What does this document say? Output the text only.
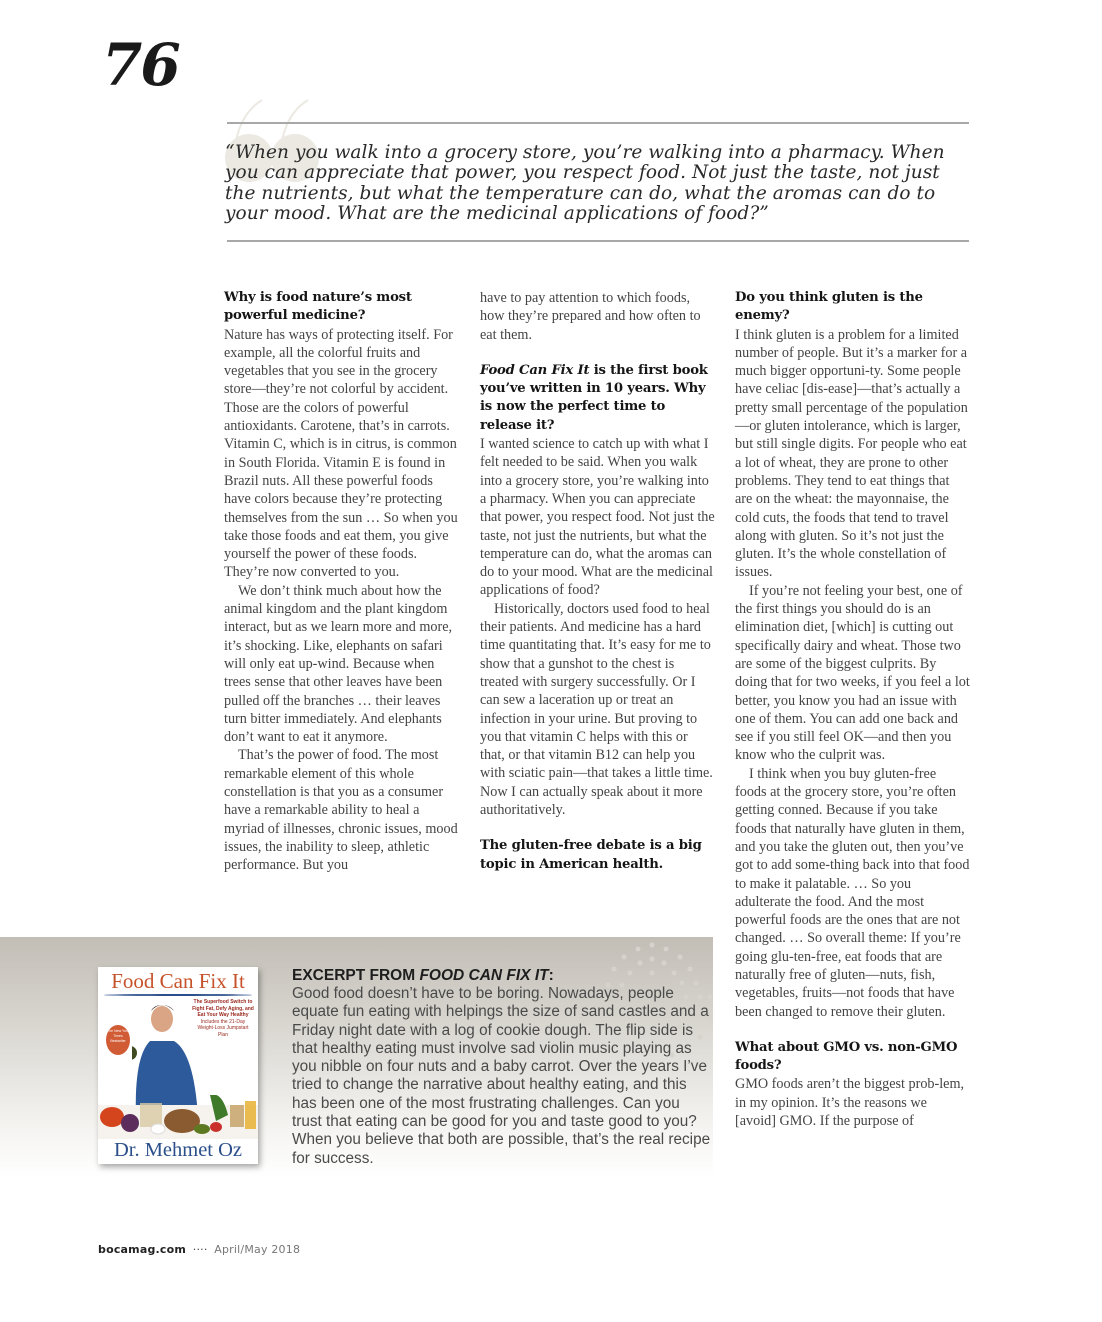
76

“When you walk into a grocery store, you’re walking into a pharmacy. When you can appreciate that power, you respect food. Not just the taste, not just the nutrients, but what the temperature can do, what the aromas can do to your mood. What are the medicinal applications of food?”

Why is food nature’s most powerful medicine?

Nature has ways of protecting itself. For example, all the colorful fruits and vegetables that you see in the grocery store—they’re not colorful by accident. Those are the colors of powerful antioxidants. Carotene, that’s in carrots. Vitamin C, which is in citrus, is common in South Florida. Vitamin E is found in Brazil nuts. All these powerful foods have colors because they’re protecting themselves from the sun … So when you take those foods and eat them, you give yourself the power of these foods. They’re now converted to you.

We don’t think much about how the animal kingdom and the plant kingdom interact, but as we learn more and more, it’s shocking. Like, elephants on safari will only eat up-wind. Because when trees sense that other leaves have been pulled off the branches … their leaves turn bitter immediately. And elephants don’t want to eat it anymore.

That’s the power of food. The most remarkable element of this whole constellation is that you as a consumer have a remarkable ability to heal a myriad of illnesses, chronic issues, mood issues, the inability to sleep, athletic performance. But you

have to pay attention to which foods, how they’re prepared and how often to eat them.

Food Can Fix It is the first book you’ve written in 10 years. Why is now the perfect time to release it?

I wanted science to catch up with what I felt needed to be said. When you walk into a grocery store, you’re walking into a pharmacy. When you can appreciate that power, you respect food. Not just the taste, not just the nutrients, but what the temperature can do, what the aromas can do to your mood. What are the medicinal applications of food?

Historically, doctors used food to heal their patients. And medicine has a hard time quantitating that. It’s easy for me to show that a gunshot to the chest is treated with surgery successfully. Or I can sew a laceration up or treat an infection in your urine. But proving to you that vitamin C helps with this or that, or that vitamin B12 can help you with sciatic pain—that takes a little time. Now I can actually speak about it more authoritatively.

The gluten-free debate is a big topic in American health.
Do you think gluten is the enemy?

I think gluten is a problem for a limited number of people. But it’s a marker for a much bigger opportuni-ty. Some people have celiac [dis-ease]—that’s actually a pretty small percentage of the population—or gluten intolerance, which is larger, but still single digits. For people who eat a lot of wheat, they are prone to other problems. They tend to eat things that are on the wheat: the mayonnaise, the cold cuts, the foods that tend to travel along with gluten. So it’s not just the gluten. It’s the whole constellation of issues.

If you’re not feeling your best, one of the first things you should do is an elimination diet, [which] is cutting out specifically dairy and wheat. Those two are some of the biggest culprits. By doing that for two weeks, if you feel a lot better, you know you had an issue with one of them. You can add one back and see if you still feel OK—and then you know who the culprit was.

I think when you buy gluten-free foods at the grocery store, you’re often getting conned. Because if you take foods that naturally have gluten in them, and you take the gluten out, then you’ve got to add some-thing back into that food to make it palatable. … So you adulterate the food. And the most powerful foods are the ones that are not changed. … So overall theme: If you’re going glu-ten-free, eat foods that are naturally free of gluten—nuts, fish, vegetables, fruits—not foods that have been changed to remove their gluten.

What about GMO vs. non-GMO foods?

GMO foods aren’t the biggest prob-lem, in my opinion. It’s the reasons we [avoid] GMO. If the purpose of

Food Can Fix It
The Superfood Switch to Fight Fat, Defy Aging, and Eat Your Way Healthy
Includes the 21-Day Weight-Loss Jumpstart Plan
The New York Times Bestseller
Dr. Mehmet Oz
EXCERPT FROM FOOD CAN FIX IT:

Good food doesn’t have to be boring. Nowadays, people equate fun eating with helpings the size of sand castles and a Friday night date with a log of cookie dough. The flip side is that healthy eating must involve sad violin music playing as you nibble on four nuts and a baby carrot. Over the years I’ve tried to change the narrative about healthy eating, and this has been one of the most frustrating challenges. Can you trust that eating can be good for you and taste good to you? When you believe that both are possible, that’s the real recipe for success.

bocamag.com ···· April/May 2018
